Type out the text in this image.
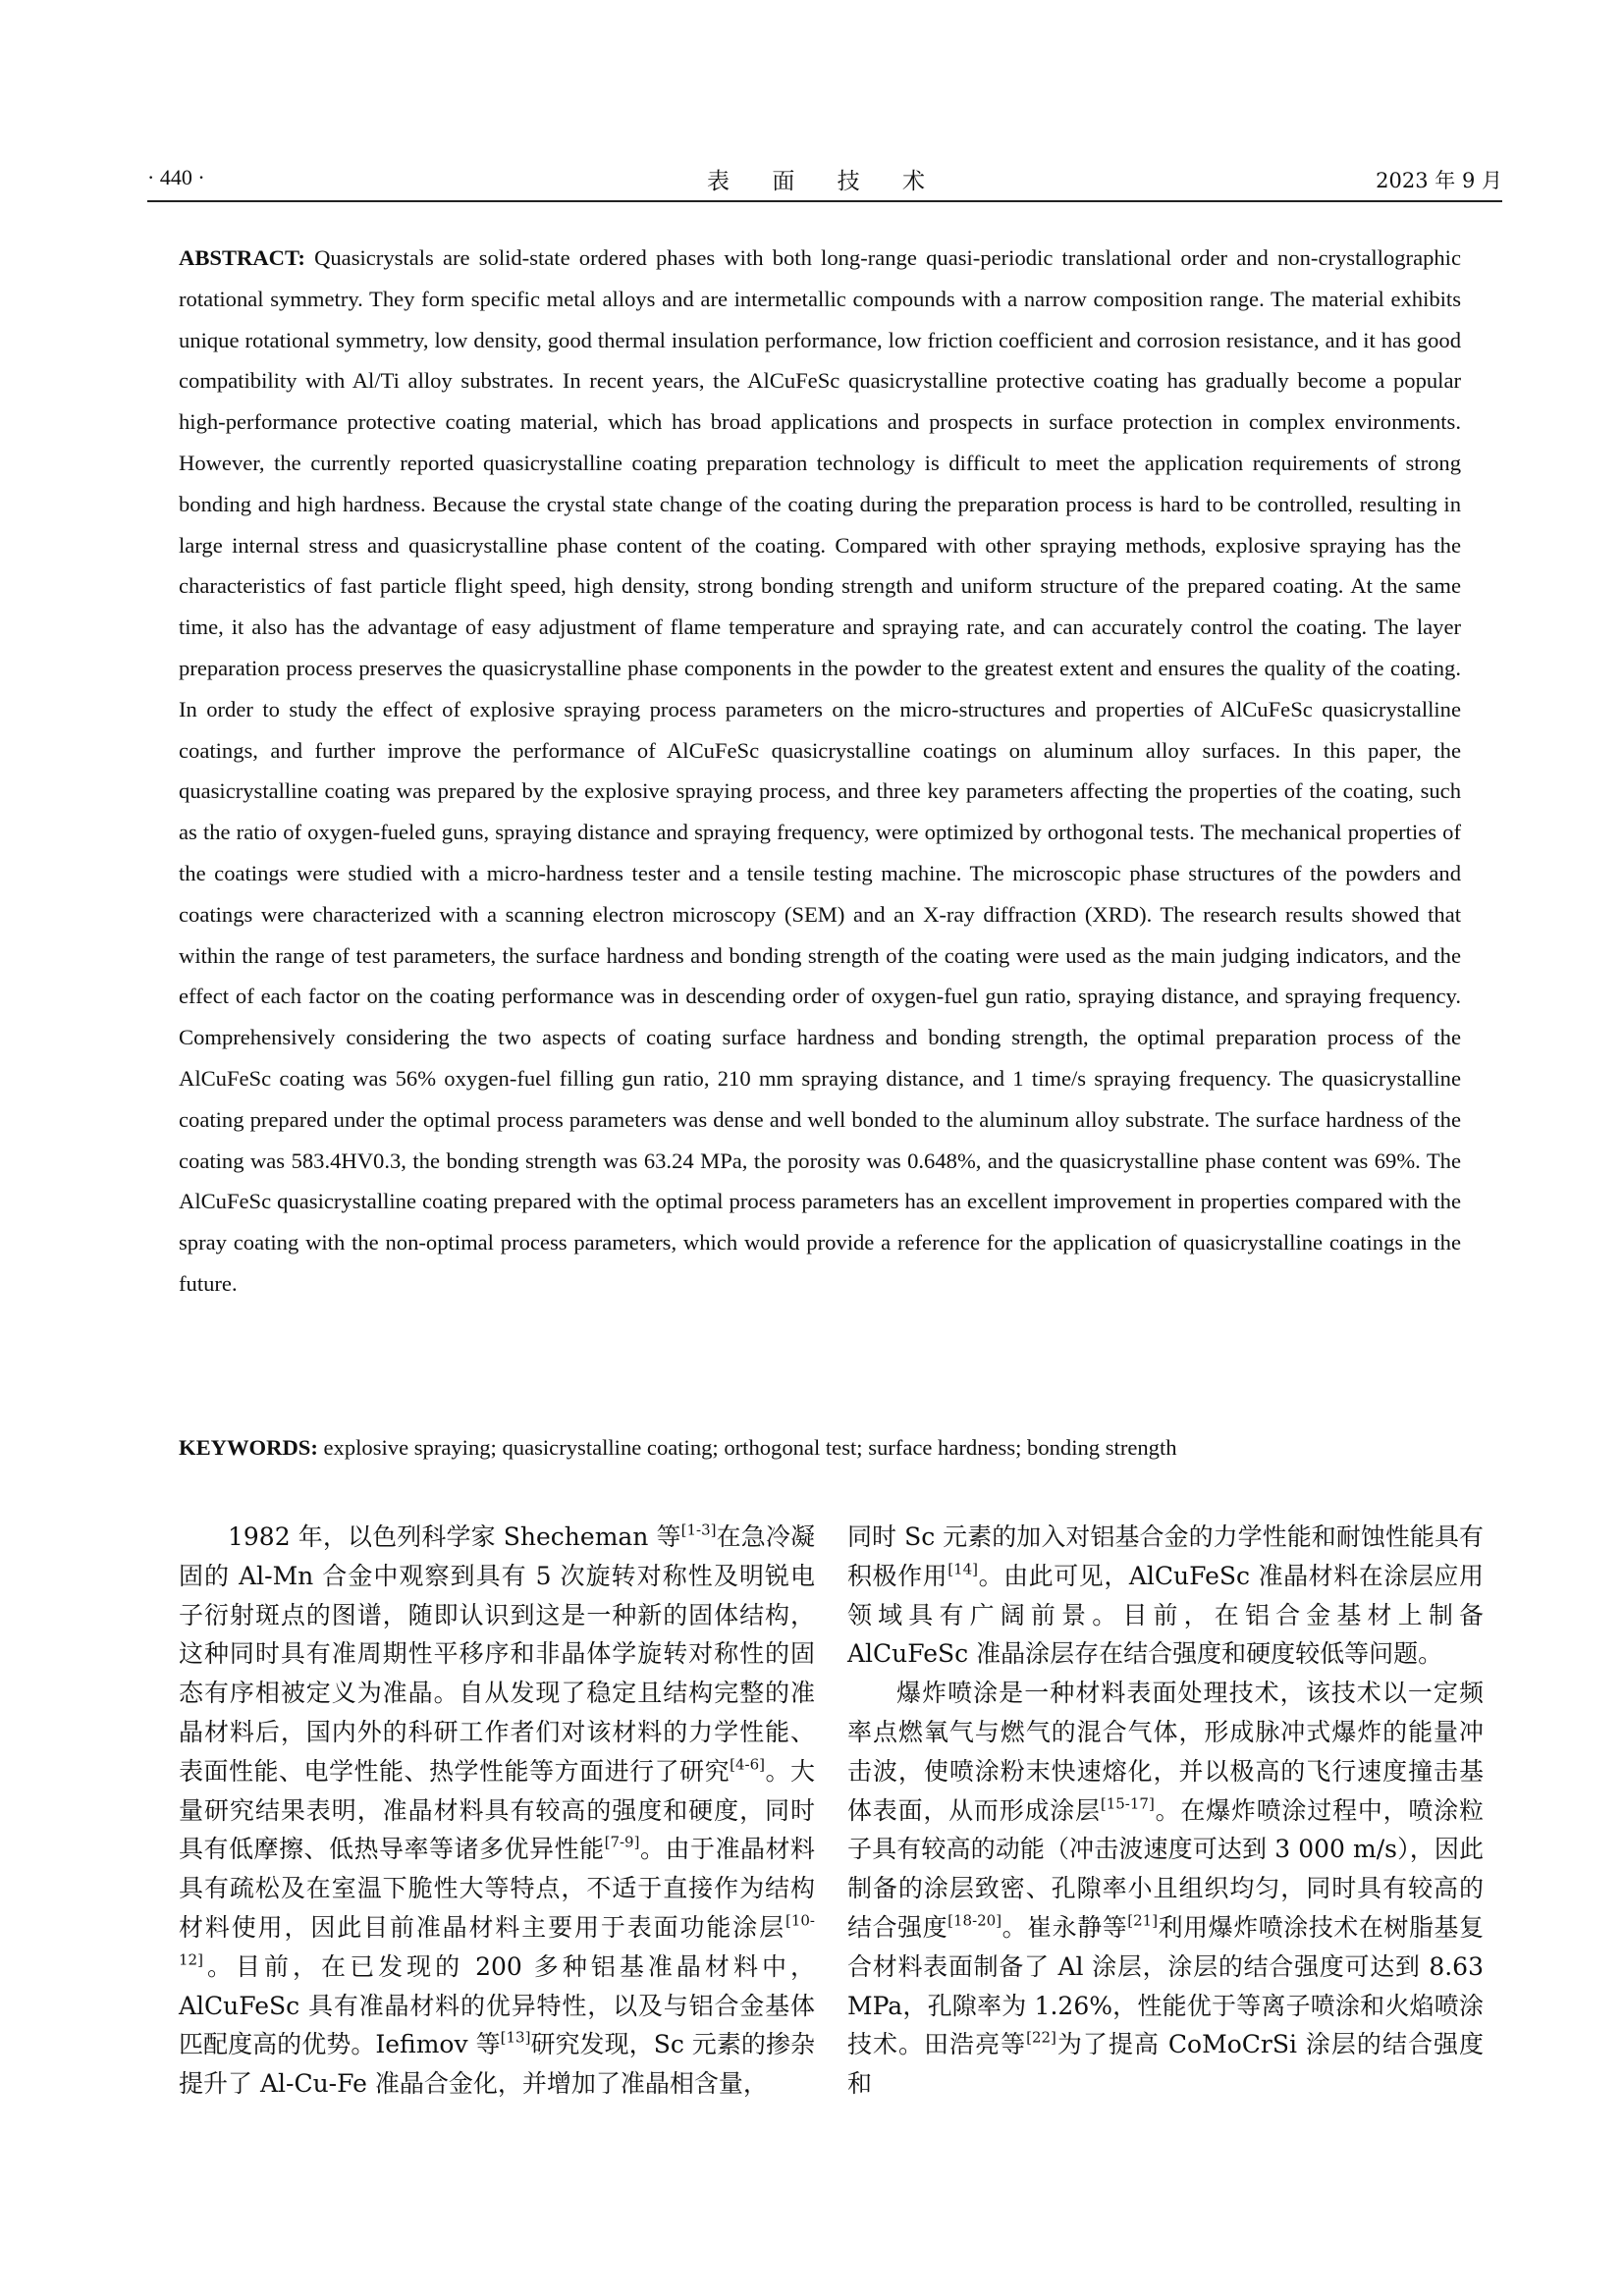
· 440 ·	表 面 技 术	2023 年 9 月
ABSTRACT: Quasicrystals are solid-state ordered phases with both long-range quasi-periodic translational order and non-crystallographic rotational symmetry. They form specific metal alloys and are intermetallic compounds with a narrow composition range. The material exhibits unique rotational symmetry, low density, good thermal insulation performance, low friction coefficient and corrosion resistance, and it has good compatibility with Al/Ti alloy substrates. In recent years, the AlCuFeSc quasicrystalline protective coating has gradually become a popular high-performance protective coating material, which has broad applications and prospects in surface protection in complex environments. However, the currently reported quasicrystalline coating preparation technology is difficult to meet the application requirements of strong bonding and high hardness. Because the crystal state change of the coating during the preparation process is hard to be controlled, resulting in large internal stress and quasicrystalline phase content of the coating. Compared with other spraying methods, explosive spraying has the characteristics of fast particle flight speed, high density, strong bonding strength and uniform structure of the prepared coating. At the same time, it also has the advantage of easy adjustment of flame temperature and spraying rate, and can accurately control the coating. The layer preparation process preserves the quasicrystalline phase components in the powder to the greatest extent and ensures the quality of the coating. In order to study the effect of explosive spraying process parameters on the micro-structures and properties of AlCuFeSc quasicrystalline coatings, and further improve the performance of AlCuFeSc quasicrystalline coatings on aluminum alloy surfaces. In this paper, the quasicrystalline coating was prepared by the explosive spraying process, and three key parameters affecting the properties of the coating, such as the ratio of oxygen-fueled guns, spraying distance and spraying frequency, were optimized by orthogonal tests. The mechanical properties of the coatings were studied with a micro-hardness tester and a tensile testing machine. The microscopic phase structures of the powders and coatings were characterized with a scanning electron microscopy (SEM) and an X-ray diffraction (XRD). The research results showed that within the range of test parameters, the surface hardness and bonding strength of the coating were used as the main judging indicators, and the effect of each factor on the coating performance was in descending order of oxygen-fuel gun ratio, spraying distance, and spraying frequency. Comprehensively considering the two aspects of coating surface hardness and bonding strength, the optimal preparation process of the AlCuFeSc coating was 56% oxygen-fuel filling gun ratio, 210 mm spraying distance, and 1 time/s spraying frequency. The quasicrystalline coating prepared under the optimal process parameters was dense and well bonded to the aluminum alloy substrate. The surface hardness of the coating was 583.4HV0.3, the bonding strength was 63.24 MPa, the porosity was 0.648%, and the quasicrystalline phase content was 69%. The AlCuFeSc quasicrystalline coating prepared with the optimal process parameters has an excellent improvement in properties compared with the spray coating with the non-optimal process parameters, which would provide a reference for the application of quasicrystalline coatings in the future.
KEYWORDS: explosive spraying; quasicrystalline coating; orthogonal test; surface hardness; bonding strength

1982 年，以色列科学家 Shecheman 等[1-3]在急冷凝固的 Al-Mn 合金中观察到具有 5 次旋转对称性及明锐电子衍射斑点的图谱，随即认识到这是一种新的固体结构，这种同时具有准周期性平移序和非晶体学旋转对称性的固态有序相被定义为准晶。自从发现了稳定且结构完整的准晶材料后，国内外的科研工作者们对该材料的力学性能、表面性能、电学性能、热学性能等方面进行了研究[4-6]。大量研究结果表明，准晶材料具有较高的强度和硬度，同时具有低摩擦、低热导率等诸多优异性能[7-9]。由于准晶材料具有疏松及在室温下脆性大等特点，不适于直接作为结构材料使用，因此目前准晶材料主要用于表面功能涂层[10-12]。目前，在已发现的 200 多种铝基准晶材料中，AlCuFeSc 具有准晶材料的优异特性，以及与铝合金基体匹配度高的优势。Iefimov 等[13]研究发现，Sc 元素的掺杂提升了 Al-Cu-Fe 准晶合金化，并增加了准晶相含量，

同时 Sc 元素的加入对铝基合金的力学性能和耐蚀性能具有积极作用[14]。由此可见，AlCuFeSc 准晶材料在涂层应用领域具有广阔前景。目前，在铝合金基材上制备 AlCuFeSc 准晶涂层存在结合强度和硬度较低等问题。

爆炸喷涂是一种材料表面处理技术，该技术以一定频率点燃氧气与燃气的混合气体，形成脉冲式爆炸的能量冲击波，使喷涂粉末快速熔化，并以极高的飞行速度撞击基体表面，从而形成涂层[15-17]。在爆炸喷涂过程中，喷涂粒子具有较高的动能（冲击波速度可达到 3 000 m/s），因此制备的涂层致密、孔隙率小且组织均匀，同时具有较高的结合强度[18-20]。崔永静等[21]利用爆炸喷涂技术在树脂基复合材料表面制备了 Al 涂层，涂层的结合强度可达到 8.63 MPa，孔隙率为 1.26%，性能优于等离子喷涂和火焰喷涂技术。田浩亮等[22]为了提高 CoMoCrSi 涂层的结合强度和
